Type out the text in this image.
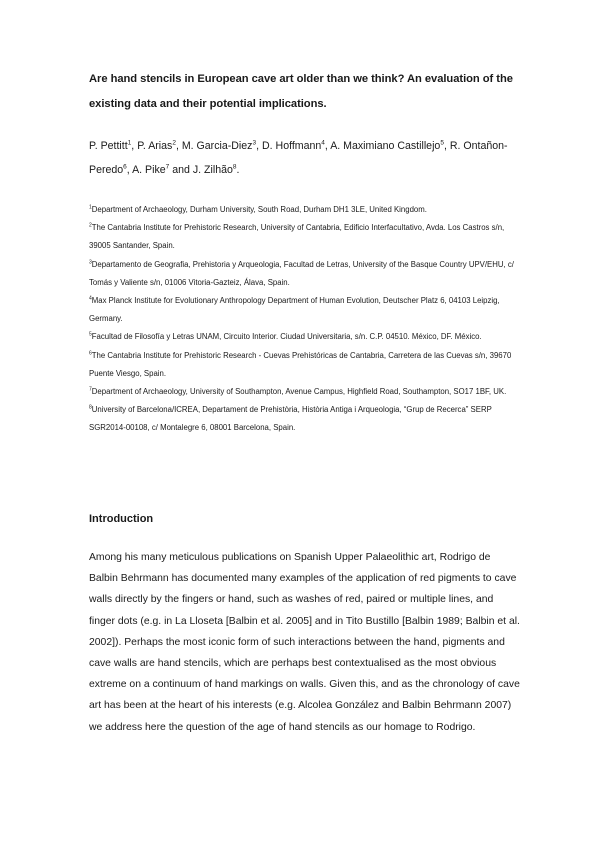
Are hand stencils in European cave art older than we think? An evaluation of the existing data and their potential implications.
P. Pettitt$^1$, P. Arias$^2$, M. Garcia-Diez$^3$, D. Hoffmann$^4$, A. Maximiano Castillejo$^5$, R. Ontañon-Peredo$^6$, A. Pike$^7$ and J. Zilhão$^8$.

$^1$Department of Archaeology, Durham University, South Road, Durham DH1 3LE, United Kingdom.

$^2$The Cantabria Institute for Prehistoric Research, University of Cantabria, Edificio Interfacultativo, Avda. Los Castros s/n, 39005 Santander, Spain.

$^3$Departamento de Geografia, Prehistoria y Arqueologia, Facultad de Letras, University of the Basque Country UPV/EHU, c/ Tomás y Valiente s/n, 01006 Vitoria-Gazteiz, Álava, Spain.

$^4$Max Planck Institute for Evolutionary Anthropology Department of Human Evolution, Deutscher Platz 6, 04103 Leipzig, Germany.

$^5$Facultad de Filosofía y Letras UNAM, Circuito Interior. Ciudad Universitaria, s/n. C.P. 04510. México, DF. México.

$^6$The Cantabria Institute for Prehistoric Research - Cuevas Prehistóricas de Cantabria, Carretera de las Cuevas s/n, 39670 Puente Viesgo, Spain.

$^7$Department of Archaeology, University of Southampton, Avenue Campus, Highfield Road, Southampton, SO17 1BF, UK.

$^8$University of Barcelona/ICREA, Departament de Prehistòria, Història Antiga i Arqueologia, “Grup de Recerca” SERP SGR2014-00108, c/ Montalegre 6, 08001 Barcelona, Spain.

Introduction

Among his many meticulous publications on Spanish Upper Palaeolithic art, Rodrigo de Balbin Behrmann has documented many examples of the application of red pigments to cave walls directly by the fingers or hand, such as washes of red, paired or multiple lines, and finger dots (e.g. in La Lloseta [Balbin et al. 2005] and in Tito Bustillo [Balbin 1989; Balbin et al. 2002]). Perhaps the most iconic form of such interactions between the hand, pigments and cave walls are hand stencils, which are perhaps best contextualised as the most obvious extreme on a continuum of hand markings on walls. Given this, and as the chronology of cave art has been at the heart of his interests (e.g. Alcolea González and Balbin Behrmann 2007) we address here the question of the age of hand stencils as our homage to Rodrigo.
